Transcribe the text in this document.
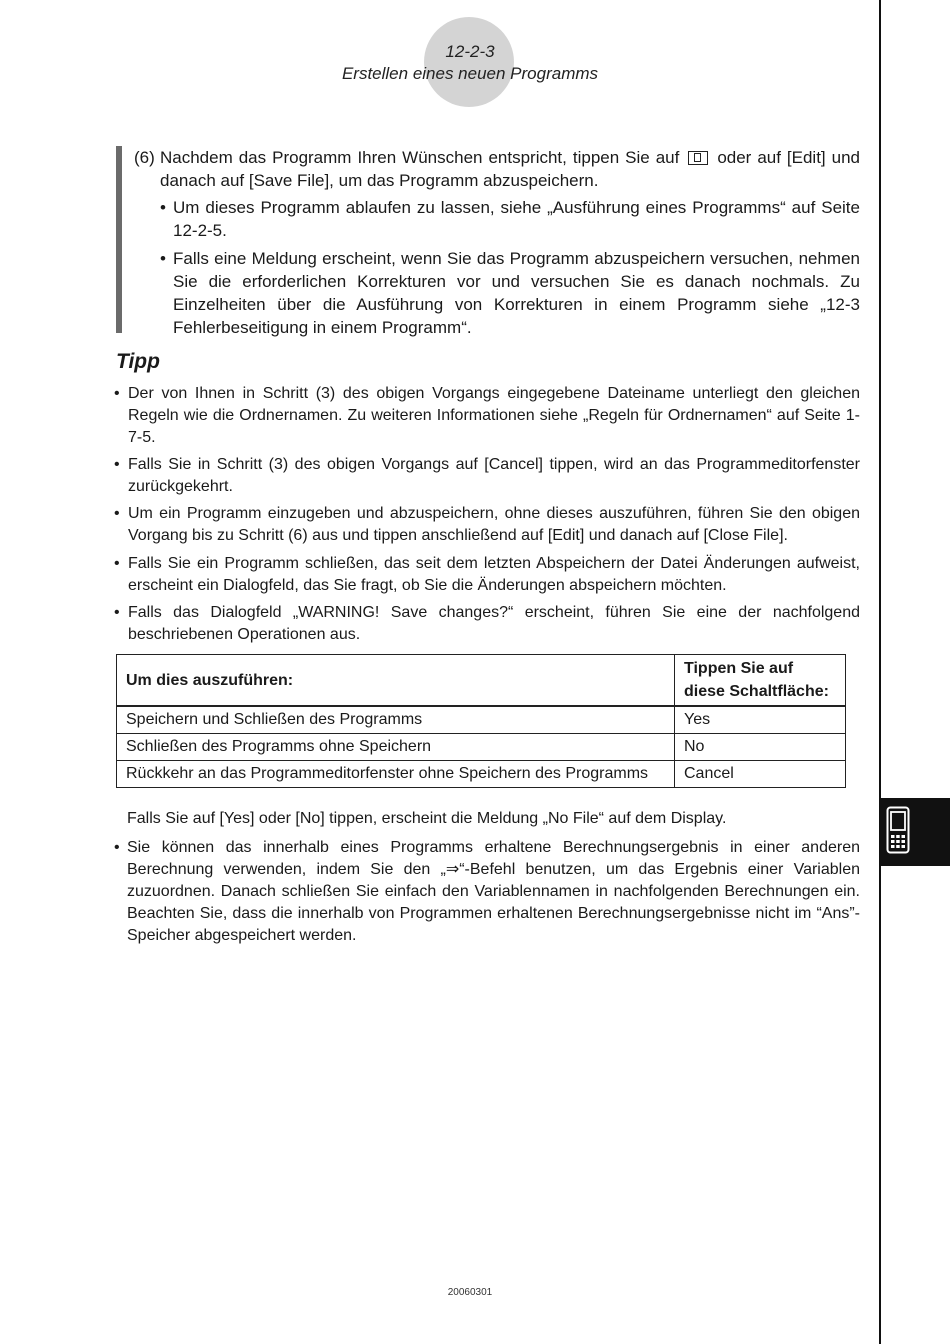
12-2-3
Erstellen eines neuen Programms
(6) Nachdem das Programm Ihren Wünschen entspricht, tippen Sie auf oder auf [Edit] und danach auf [Save File], um das Programm abzuspeichern.
• Um dieses Programm ablaufen zu lassen, siehe „Ausführung eines Programms“ auf Seite 12-2-5.
• Falls eine Meldung erscheint, wenn Sie das Programm abzuspeichern versuchen, nehmen Sie die erforderlichen Korrekturen vor und versuchen Sie es danach nochmals. Zu Einzelheiten über die Ausführung von Korrekturen in einem Programm siehe „12-3 Fehlerbeseitigung in einem Programm“.
Tipp
• Der von Ihnen in Schritt (3) des obigen Vorgangs eingegebene Dateiname unterliegt den gleichen Regeln wie die Ordnernamen. Zu weiteren Informationen siehe „Regeln für Ordnernamen“ auf Seite 1-7-5.
• Falls Sie in Schritt (3) des obigen Vorgangs auf [Cancel] tippen, wird an das Programmeditorfenster zurückgekehrt.
• Um ein Programm einzugeben und abzuspeichern, ohne dieses auszuführen, führen Sie den obigen Vorgang bis zu Schritt (6) aus und tippen anschließend auf [Edit] und danach auf [Close File].
• Falls Sie ein Programm schließen, das seit dem letzten Abspeichern der Datei Änderungen aufweist, erscheint ein Dialogfeld, das Sie fragt, ob Sie die Änderungen abspeichern möchten.
• Falls das Dialogfeld „WARNING! Save changes?“ erscheint, führen Sie eine der nachfolgend beschriebenen Operationen aus.
Um dies auszuführen:	Tippen Sie auf diese Schaltfläche:
Speichern und Schließen des Programms	Yes
Schließen des Programms ohne Speichern	No
Rückkehr an das Programmeditorfenster ohne Speichern des Programms	Cancel
Falls Sie auf [Yes] oder [No] tippen, erscheint die Meldung „No File“ auf dem Display.
• Sie können das innerhalb eines Programms erhaltene Berechnungsergebnis in einer anderen Berechnung verwenden, indem Sie den „⇒“-Befehl benutzen, um das Ergebnis einer Variablen zuzuordnen. Danach schließen Sie einfach den Variablennamen in nachfolgenden Berechnungen ein. Beachten Sie, dass die innerhalb von Programmen erhaltenen Berechnungsergebnisse nicht im “Ans”-Speicher abgespeichert werden.
20060301
